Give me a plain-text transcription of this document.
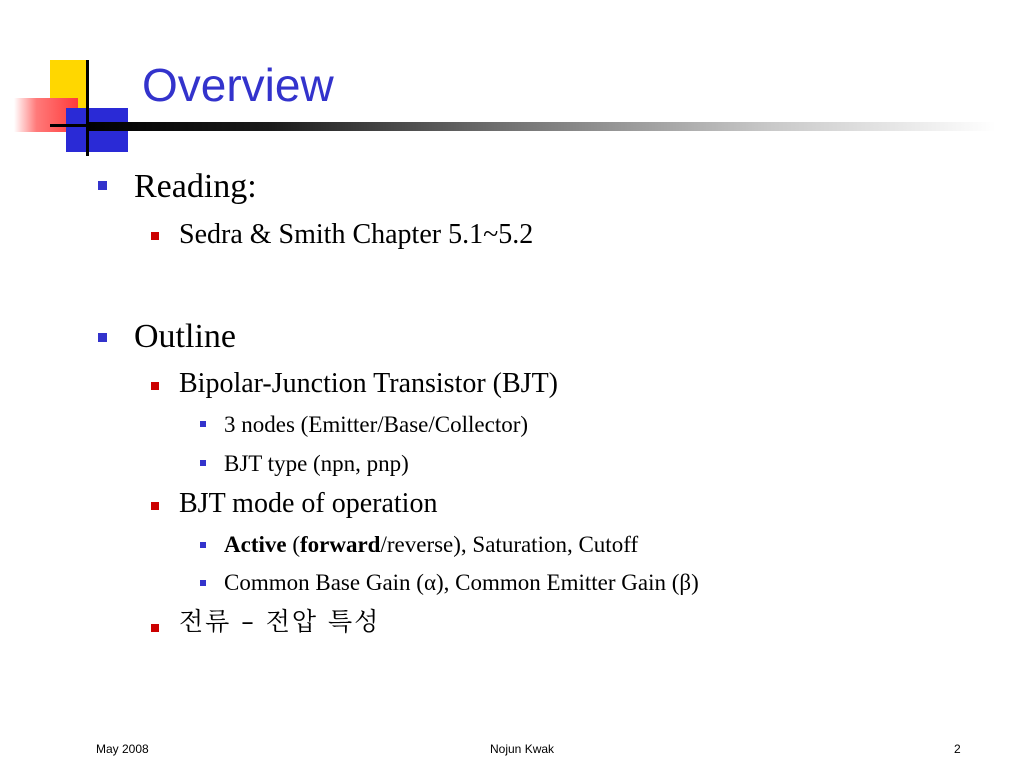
Overview
Reading:
Sedra & Smith Chapter 5.1~5.2
Outline
Bipolar-Junction Transistor (BJT)
3 nodes (Emitter/Base/Collector)
BJT type (npn, pnp)
BJT mode of operation
Active (forward/reverse), Saturation, Cutoff
Common Base Gain (α), Common Emitter Gain (β)
전류 – 전압 특성
May 2008	Nojun Kwak	2
